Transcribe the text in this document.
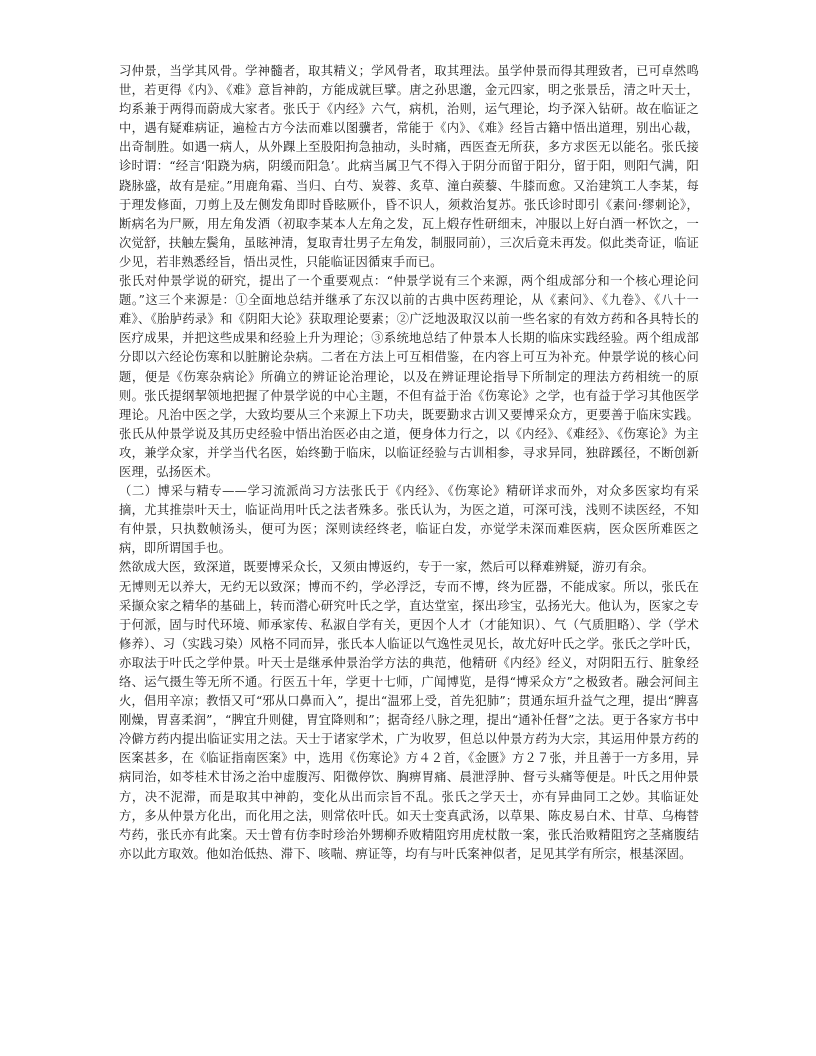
习仲景，当学其风骨。学神髓者，取其精义；学风骨者，取其理法。虽学仲景而得其理致者，已可卓然鸣世，若更得《内》、《难》意旨神韵，方能成就巨擘。唐之孙思邈，金元四家，明之张景岳，清之叶天士，均系兼于两得而蔚成大家者。张氏于《内经》六气，病机，治则，运气理论，均予深入钻研。故在临证之中，遇有疑难病证，遍检古方今法而难以图骥者，常能于《内》、《难》经旨古籍中悟出道理，别出心裁，出奇制胜。如遇一病人，从外踝上至股阳拘急抽动，头时痛，西医查无所获，多方求医无以能名。张氏接诊时谓：“经言‘阳跷为病，阴缓而阳急’。此病当属卫气不得入于阴分而留于阳分，留于阳，则阳气满，阳跷脉盛，故有是症。”用鹿角霜、当归、白芍、炭蓉、炙草、潼白蒺藜、牛膝而愈。又治建筑工人李某，每于理发修面，刀剪上及左侧发角即时昏眩厥仆，昏不识人，须救治复苏。张氏诊时即引《素问·缪刺论》，断病名为尸厥，用左角发酒（初取李某本人左角之发，瓦上煅存性研细末，冲服以上好白酒一杯饮之，一次觉舒，扶触左鬓角，虽眩神清，复取青壮男子左角发，制服同前），三次后竟未再发。似此类奇证，临证少见，若非熟悉经旨，悟出灵性，只能临证因循束手而已。

张氏对仲景学说的研究，提出了一个重要观点：“仲景学说有三个来源，两个组成部分和一个核心理论问题。”这三个来源是：①全面地总结并继承了东汉以前的古典中医药理论，从《素问》、《九卷》、《八十一难》、《胎胪药录》和《阴阳大论》获取理论要素；②广泛地汲取汉以前一些名家的有效方药和各具特长的医疗成果，并把这些成果和经验上升为理论；③系统地总结了仲景本人长期的临床实践经验。两个组成部分即以六经论伤寒和以脏腑论杂病。二者在方法上可互相借鉴，在内容上可互为补充。仲景学说的核心问题，便是《伤寒杂病论》所确立的辨证论治理论，以及在辨证理论指导下所制定的理法方药相统一的原则。张氏提纲挈领地把握了仲景学说的中心主题，不但有益于治《伤寒论》之学，也有益于学习其他医学理论。凡治中医之学，大致均要从三个来源上下功夫，既要勤求古训又要博采众方，更要善于临床实践。张氏从仲景学说及其历史经验中悟出治医必由之道，便身体力行之，以《内经》、《难经》、《伤寒论》为主攻，兼学众家，并学当代名医，始终勤于临床，以临证经验与古训相参，寻求异同，独辟蹊径，不断创新医理，弘扬医术。

（二）博采与精专——学习流派尚习方法张氏于《内经》、《伤寒论》精研详求而外，对众多医家均有采摘，尤其推崇叶天士，临证尚用叶氏之法者殊多。张氏认为，为医之道，可深可浅，浅则不读医经，不知有仲景，只执数帧汤头，便可为医；深则读经终老，临证白发，亦觉学未深而难医病，医众医所难医之病，即所谓国手也。

然欲成大医，致深道，既要博采众长，又须由博返约，专于一家，然后可以释难辨疑，游刃有余。

无博则无以养大，无约无以致深；博而不约，学必浮泛，专而不博，终为匠器，不能成家。所以，张氏在采撷众家之精华的基础上，转而潜心研究叶氏之学，直达堂室，探出珍宝，弘扬光大。他认为，医家之专于何派，固与时代环境、师承家传、私淑自学有关，更因个人才（才能知识）、气（气质胆略）、学（学术修养）、习（实践习染）风格不同而异，张氏本人临证以气逸性灵见长，故尤好叶氏之学。张氏之学叶氏，亦取法于叶氏之学仲景。叶天士是继承仲景治学方法的典范，他精研《内经》经义，对阴阳五行、脏象经络、运气摄生等无所不通。行医五十年，学更十七师，广闻博览，是得“博采众方”之极致者。融会河间主火，倡用辛凉；教悟又可“邪从口鼻而入”，提出“温邪上受，首先犯肺”；贯通东垣升益气之理，提出“脾喜刚燥，胃喜柔润”，“脾宜升则健，胃宜降则和”；据奇经八脉之理，提出“通补任督”之法。更于各家方书中冷僻方药内提出临证实用之法。天士于诸家学术，广为收罗，但总以仲景方药为大宗，其运用仲景方药的医案甚多，在《临证指南医案》中，选用《伤寒论》方４２首，《金匮》方２７张，并且善于一方多用，异病同治，如苓桂术甘汤之治中虚腹泻、阳微停饮、胸痹胃痛、晨泄浮肿、督亏头痛等便是。叶氏之用仲景方，决不泥滞，而是取其中神韵，变化从出而宗旨不乱。张氏之学天士，亦有异曲同工之妙。其临证处方，多从仲景方化出，而化用之法，则常依叶氏。如天士变真武汤，以草果、陈皮易白术、甘草、乌梅替芍药，张氏亦有此案。天士曾有仿李时珍治外甥柳乔败精阻窍用虎杖散一案，张氏治败精阻窍之茎痛腹结亦以此方取效。他如治低热、滞下、咳喘、痹证等，均有与叶氏案神似者，足见其学有所宗，根基深固。
